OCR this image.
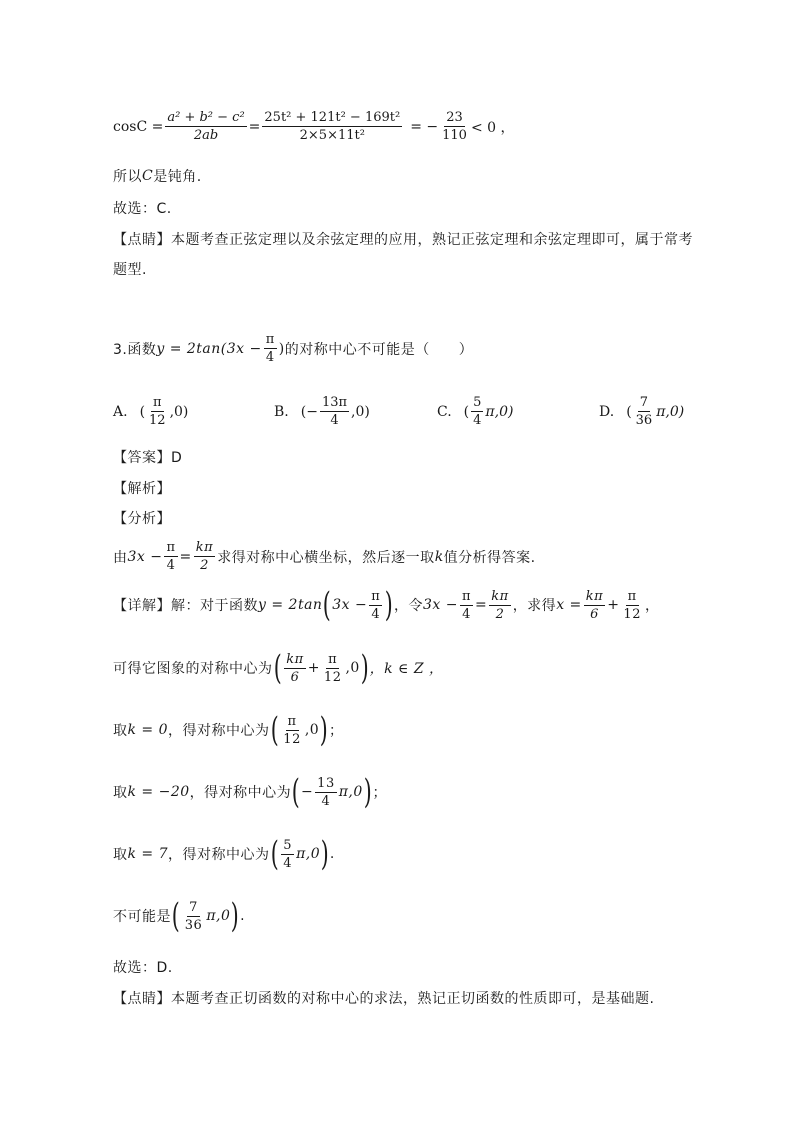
$\cos C = \frac{\text{a² + b² − c²}}{2ab} = \frac{\text{25t² + 121t² − 169t²}}{\text{2×5×11t²}}$ = − $\frac{23}{110} < 0$ ，
所以 C 是钝角.
故选：C.
【点睛】本题考查正弦定理以及余弦定理的应用，熟记正弦定理和余弦定理即可，属于常考
题型.
3.函数 $y = 2\tan(3x - \frac{\pi}{4}$ ) 的对称中心不可能是（　　）
A. ( $\frac{\pi}{12} ,0$)	B. (− $\frac{13\pi}{4} ,0$)	C. ( $\frac{5}{4} \pi,0$)	D. ( $\frac{7}{36} \pi,0$)
【答案】D
【解析】
【分析】
由 $3x - \frac{\pi}{4} = \frac{k\pi}{2}$ 求得对称中心横坐标，然后逐一取 k 值分析得答案.
【详解】解：对于函数 y = 2tan ( $3x - \frac{\pi}{4}$ ) ，令 $3x - \frac{\pi}{4} = \frac{k\pi}{2}$ ，求得 $x = \frac{k\pi}{6} + \frac{\pi}{12}$ ，
可得它图象的对称中心为 ( $\frac{k\pi}{6} + \frac{\pi}{12} ,0$ ) ，k ∈ Z ，
取 k = 0 ，得对称中心为 ( $\frac{\pi}{12} ,0$ ) ；
取 k = −20 ，得对称中心为 ( − $\frac{13}{4} \pi,0$ ) ；
取 k = 7 ，得对称中心为 ( $\frac{5}{4} \pi,0$ ) .
不可能是 ( $\frac{7}{36} \pi,0$ ) .
故选：D.
【点睛】本题考查正切函数的对称中心的求法，熟记正切函数的性质即可，是基础题.
